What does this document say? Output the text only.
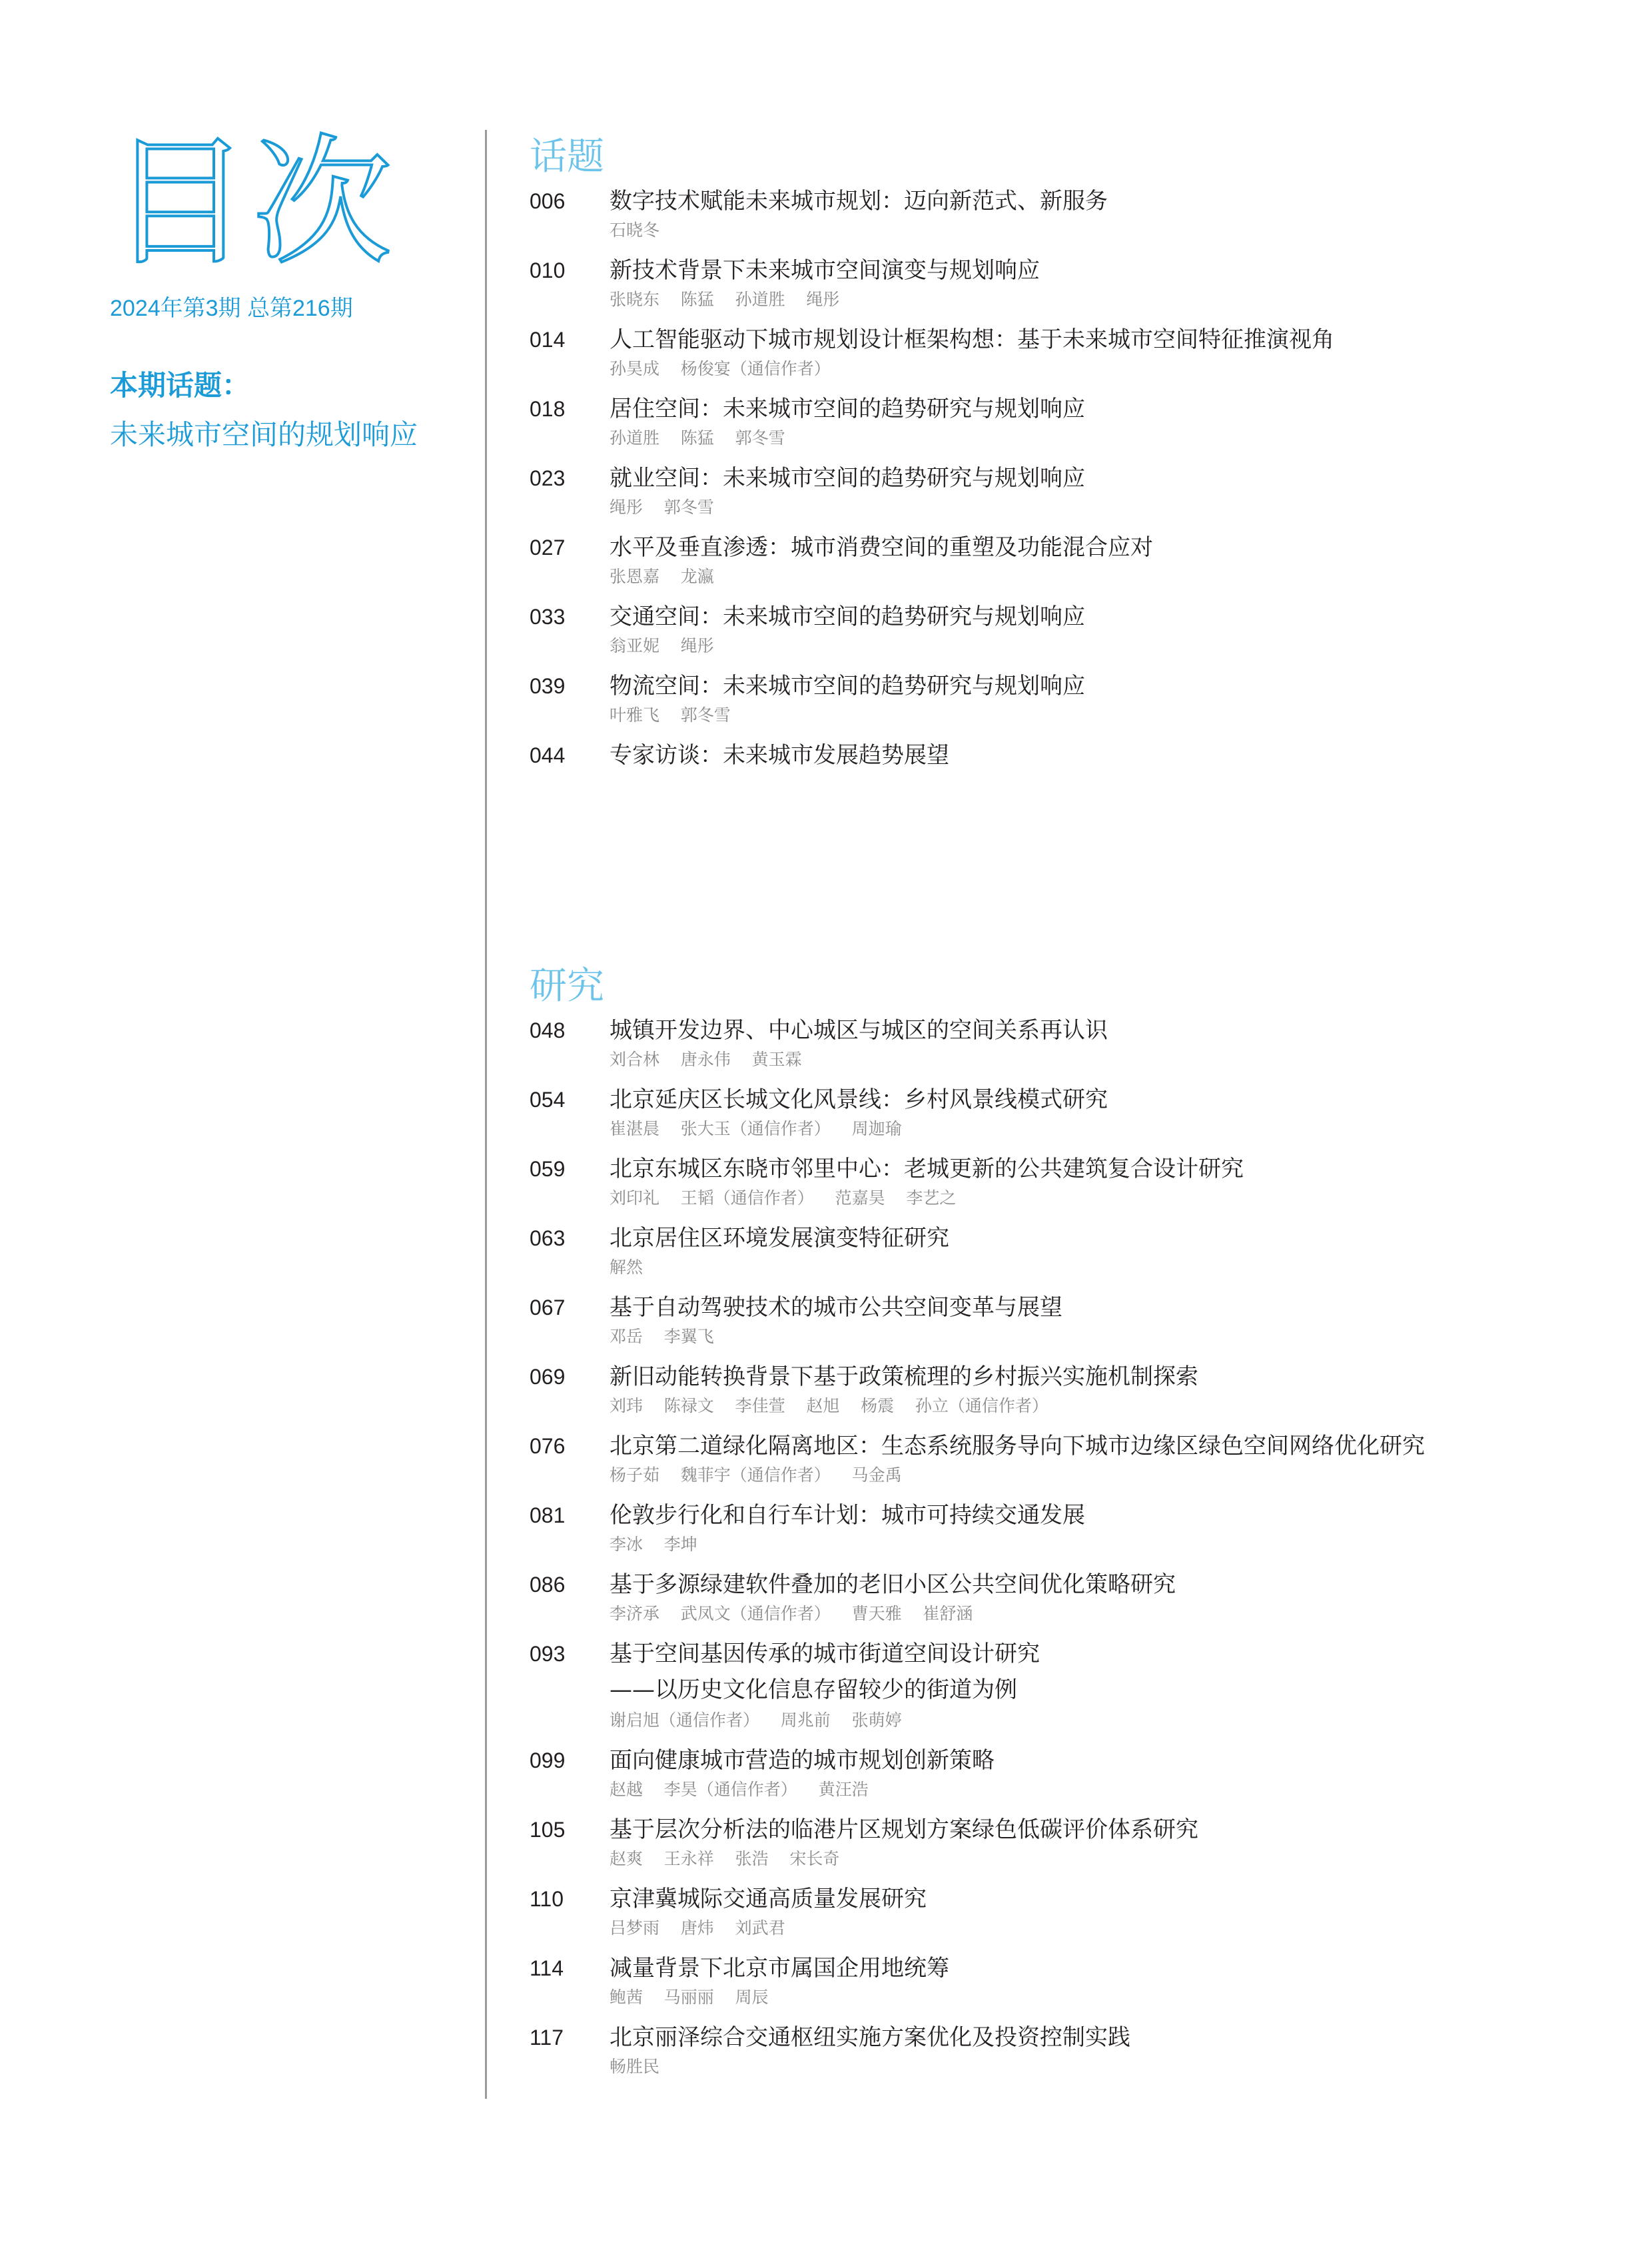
目次
2024年第3期 总第216期
本期话题：
未来城市空间的规划响应
话题
006 数字技术赋能未来城市规划：迈向新范式、新服务
石晓冬
010 新技术背景下未来城市空间演变与规划响应
张晓东    陈猛    孙道胜    绳彤
014 人工智能驱动下城市规划设计框架构想：基于未来城市空间特征推演视角
孙昊成    杨俊宴（通信作者）
018 居住空间：未来城市空间的趋势研究与规划响应
孙道胜    陈猛    郭冬雪
023 就业空间：未来城市空间的趋势研究与规划响应
绳彤    郭冬雪
027 水平及垂直渗透：城市消费空间的重塑及功能混合应对
张恩嘉    龙瀛
033 交通空间：未来城市空间的趋势研究与规划响应
翁亚妮    绳彤
039 物流空间：未来城市空间的趋势研究与规划响应
叶雅飞    郭冬雪
044 专家访谈：未来城市发展趋势展望
研究
048 城镇开发边界、中心城区与城区的空间关系再认识
刘合林    唐永伟    黄玉霖
054 北京延庆区长城文化风景线：乡村风景线模式研究
崔湛晨    张大玉（通信作者）    周迦瑜
059 北京东城区东晓市邻里中心：老城更新的公共建筑复合设计研究
刘印礼    王韬（通信作者）    范嘉昊    李艺之
063 北京居住区环境发展演变特征研究
解然
067 基于自动驾驶技术的城市公共空间变革与展望
邓岳    李翼飞
069 新旧动能转换背景下基于政策梳理的乡村振兴实施机制探索
刘玮    陈禄文    李佳萱    赵旭    杨震    孙立（通信作者）
076 北京第二道绿化隔离地区：生态系统服务导向下城市边缘区绿色空间网络优化研究
杨子茹    魏菲宇（通信作者）    马金禹
081 伦敦步行化和自行车计划：城市可持续交通发展
李冰    李坤
086 基于多源绿建软件叠加的老旧小区公共空间优化策略研究
李济承    武凤文（通信作者）    曹天雅    崔舒涵
093 基于空间基因传承的城市街道空间设计研究
——以历史文化信息存留较少的街道为例
谢启旭（通信作者）    周兆前    张萌婷
099 面向健康城市营造的城市规划创新策略
赵越    李昊（通信作者）    黄汪浩
105 基于层次分析法的临港片区规划方案绿色低碳评价体系研究
赵爽    王永祥    张浩    宋长奇
110 京津冀城际交通高质量发展研究
吕梦雨    唐炜    刘武君
114 减量背景下北京市属国企用地统筹
鲍茜    马丽丽    周辰
117 北京丽泽综合交通枢纽实施方案优化及投资控制实践
畅胜民
